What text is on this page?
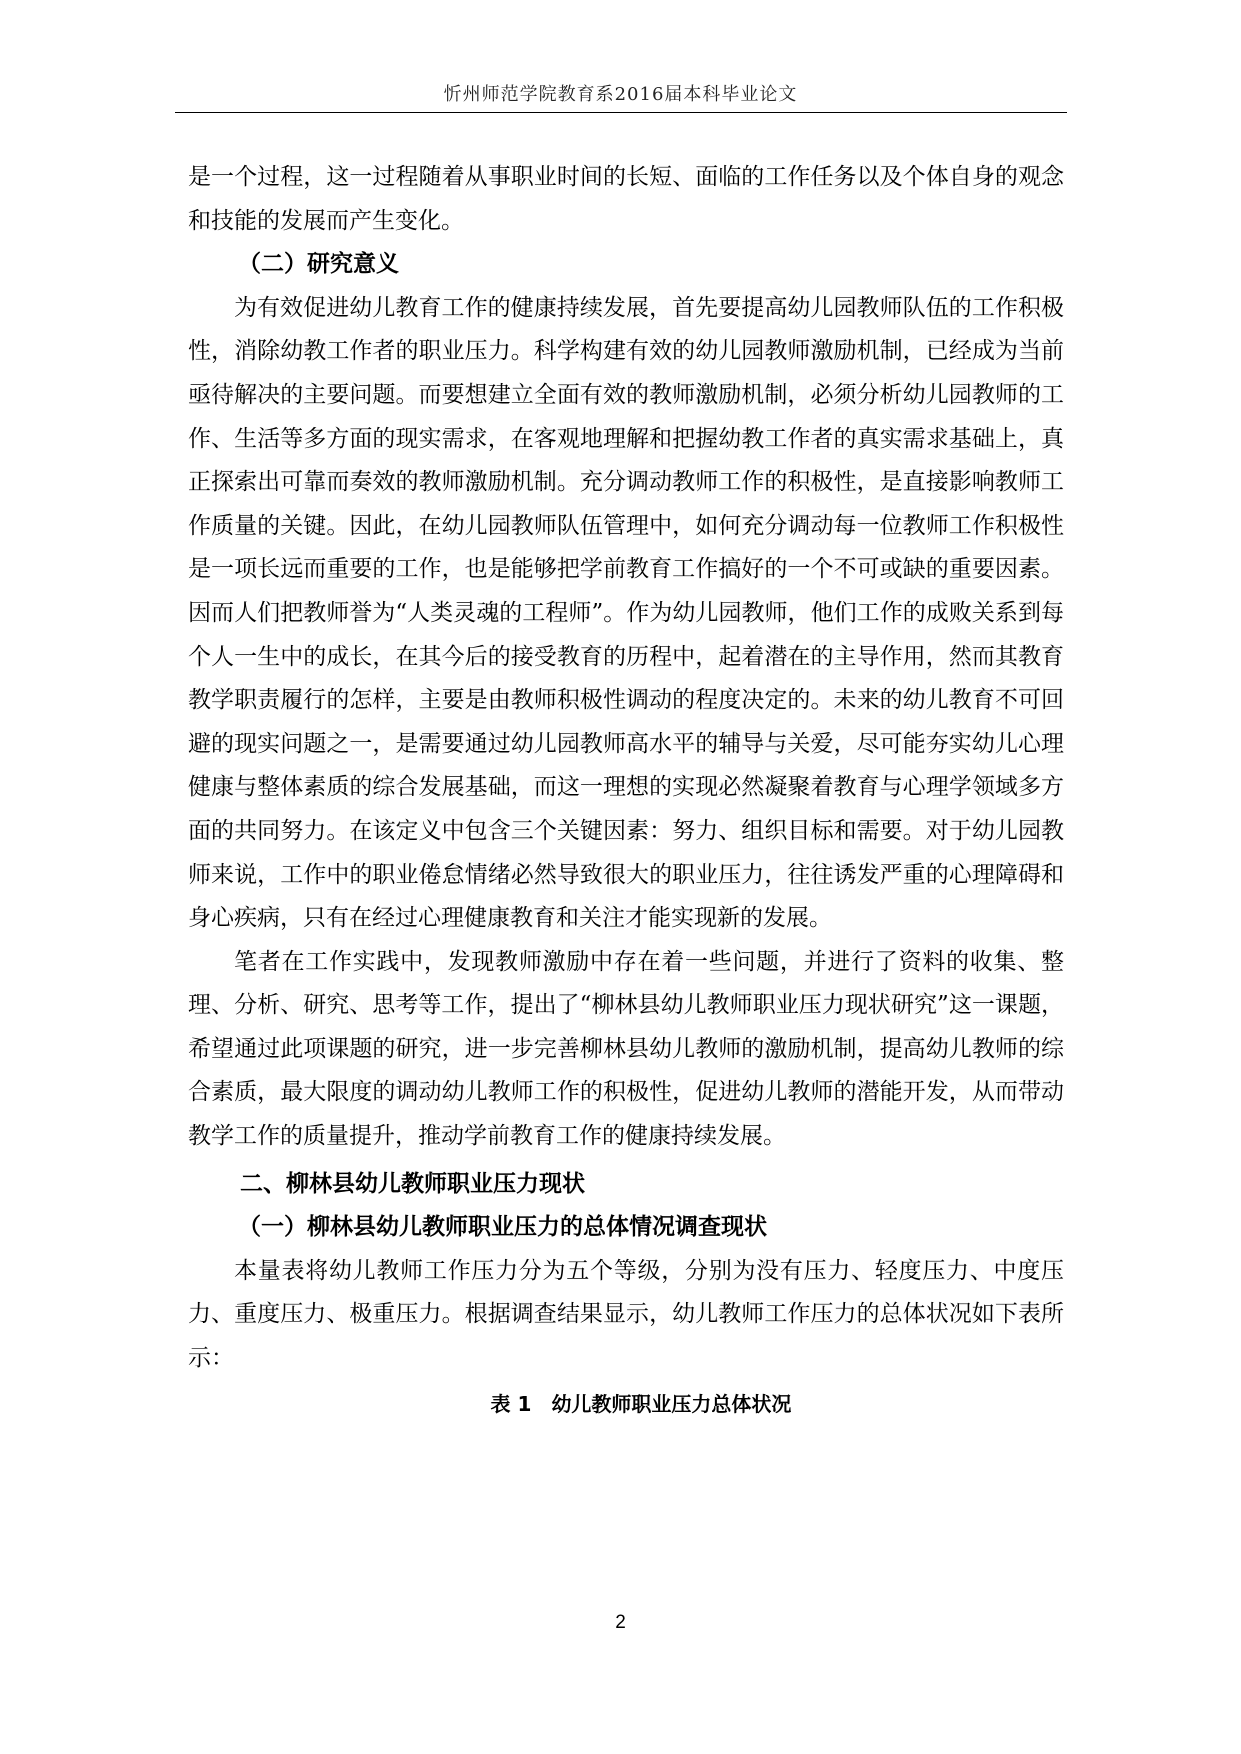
忻州师范学院教育系2016届本科毕业论文

是一个过程，这一过程随着从事职业时间的长短、面临的工作任务以及个体自身的观念和技能的发展而产生变化。

（二）研究意义

为有效促进幼儿教育工作的健康持续发展，首先要提高幼儿园教师队伍的工作积极性，消除幼教工作者的职业压力。科学构建有效的幼儿园教师激励机制，已经成为当前亟待解决的主要问题。而要想建立全面有效的教师激励机制，必须分析幼儿园教师的工作、生活等多方面的现实需求，在客观地理解和把握幼教工作者的真实需求基础上，真正探索出可靠而奏效的教师激励机制。充分调动教师工作的积极性，是直接影响教师工作质量的关键。因此，在幼儿园教师队伍管理中，如何充分调动每一位教师工作积极性是一项长远而重要的工作，也是能够把学前教育工作搞好的一个不可或缺的重要因素。因而人们把教师誉为“人类灵魂的工程师”。作为幼儿园教师，他们工作的成败关系到每个人一生中的成长，在其今后的接受教育的历程中，起着潜在的主导作用，然而其教育教学职责履行的怎样，主要是由教师积极性调动的程度决定的。未来的幼儿教育不可回避的现实问题之一，是需要通过幼儿园教师高水平的辅导与关爱，尽可能夯实幼儿心理健康与整体素质的综合发展基础，而这一理想的实现必然凝聚着教育与心理学领域多方面的共同努力。在该定义中包含三个关键因素：努力、组织目标和需要。对于幼儿园教师来说，工作中的职业倦怠情绪必然导致很大的职业压力，往往诱发严重的心理障碍和身心疾病，只有在经过心理健康教育和关注才能实现新的发展。

笔者在工作实践中，发现教师激励中存在着一些问题，并进行了资料的收集、整理、分析、研究、思考等工作，提出了“柳林县幼儿教师职业压力现状研究”这一课题，希望通过此项课题的研究，进一步完善柳林县幼儿教师的激励机制，提高幼儿教师的综合素质，最大限度的调动幼儿教师工作的积极性，促进幼儿教师的潜能开发，从而带动教学工作的质量提升，推动学前教育工作的健康持续发展。

二、柳林县幼儿教师职业压力现状
（一）柳林县幼儿教师职业压力的总体情况调查现状

本量表将幼儿教师工作压力分为五个等级，分别为没有压力、轻度压力、中度压力、重度压力、极重压力。根据调查结果显示，幼儿教师工作压力的总体状况如下表所示：

表 1 幼儿教师职业压力总体状况
2
